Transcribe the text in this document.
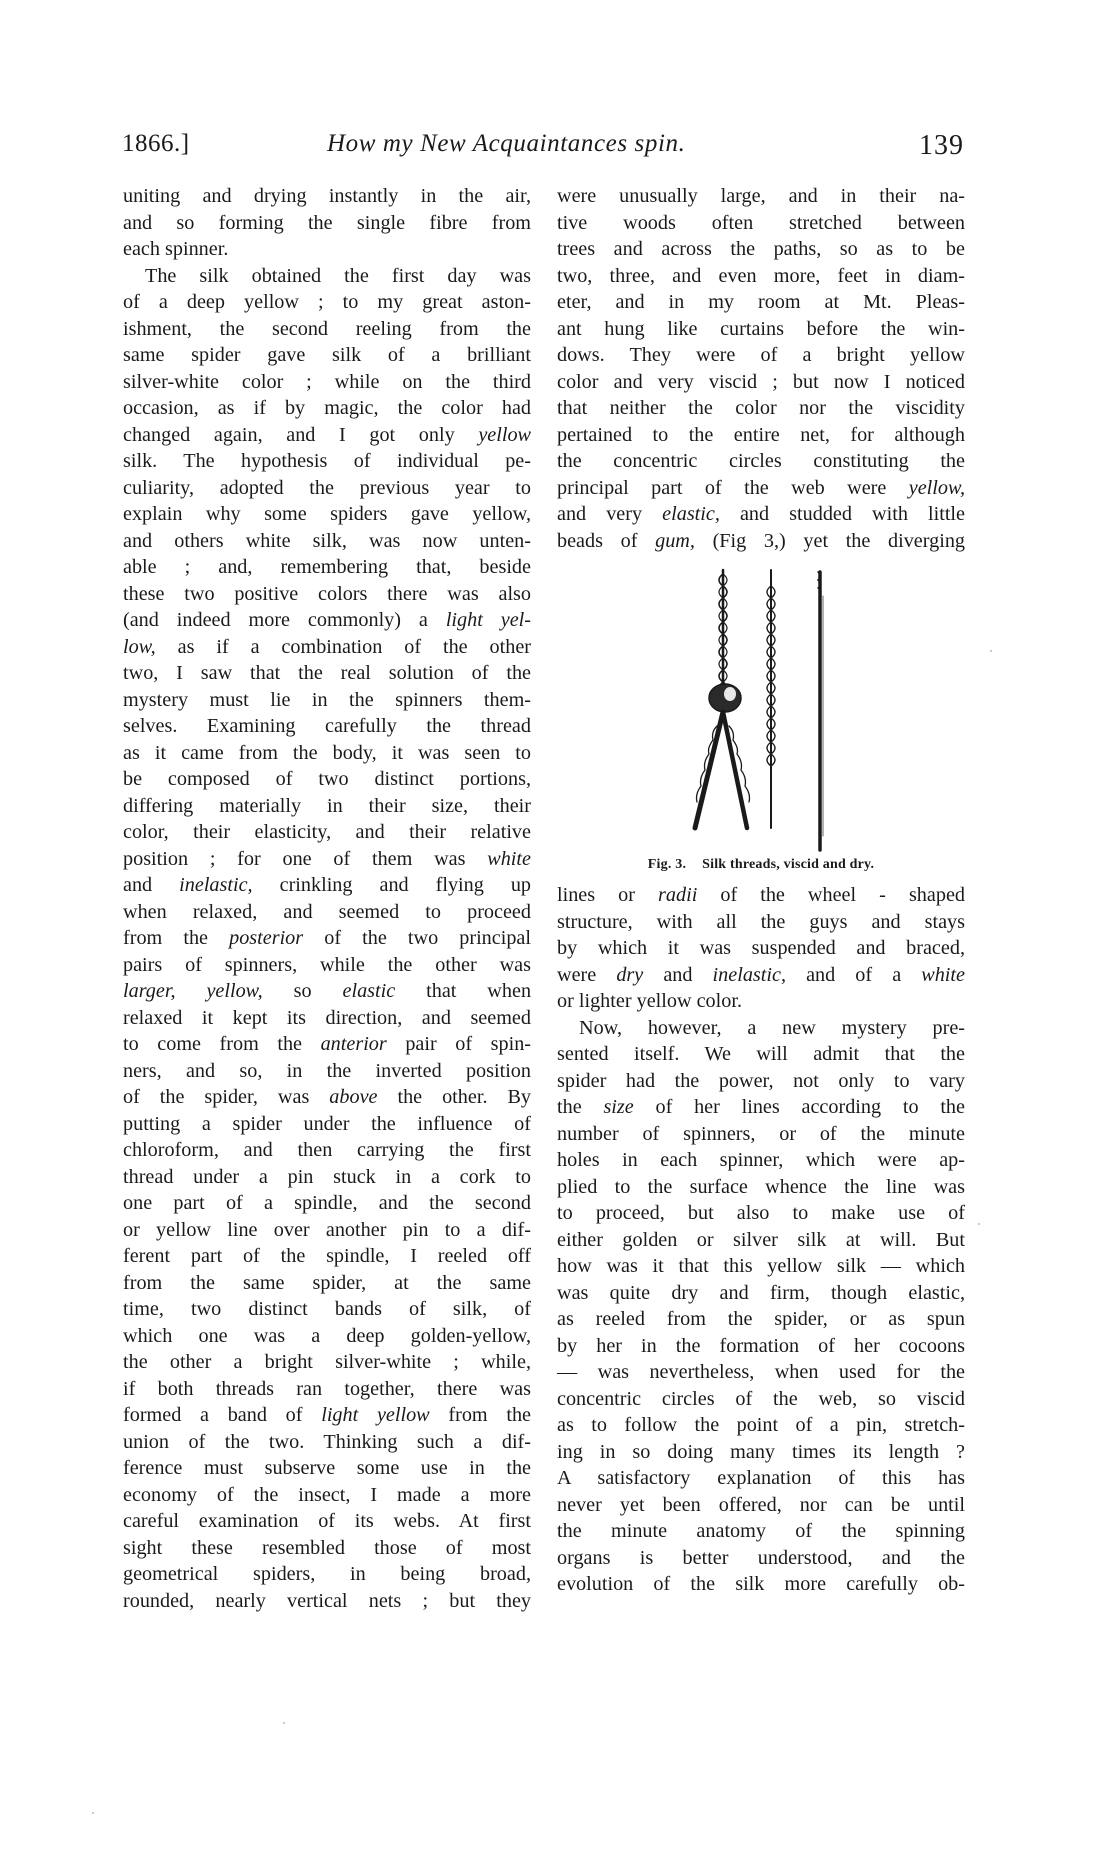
1866.]	How my New Acquaintances spin.	139
uniting and drying instantly in the air,
and so forming the single fibre from
each spinner.
The silk obtained the first day was
of a deep yellow ; to my great aston-
ishment, the second reeling from the
same spider gave silk of a brilliant
silver-white color ; while on the third
occasion, as if by magic, the color had
changed again, and I got only yellow
silk. The hypothesis of individual pe-
culiarity, adopted the previous year to
explain why some spiders gave yellow,
and others white silk, was now unten-
able ; and, remembering that, beside
these two positive colors there was also
(and indeed more commonly) a light yel-
low, as if a combination of the other
two, I saw that the real solution of the
mystery must lie in the spinners them-
selves. Examining carefully the thread
as it came from the body, it was seen to
be composed of two distinct portions,
differing materially in their size, their
color, their elasticity, and their relative
position ; for one of them was white
and inelastic, crinkling and flying up
when relaxed, and seemed to proceed
from the posterior of the two principal
pairs of spinners, while the other was
larger, yellow, so elastic that when
relaxed it kept its direction, and seemed
to come from the anterior pair of spin-
ners, and so, in the inverted position
of the spider, was above the other. By
putting a spider under the influence of
chloroform, and then carrying the first
thread under a pin stuck in a cork to
one part of a spindle, and the second
or yellow line over another pin to a dif-
ferent part of the spindle, I reeled off
from the same spider, at the same
time, two distinct bands of silk, of
which one was a deep golden-yellow,
the other a bright silver-white ; while,
if both threads ran together, there was
formed a band of light yellow from the
union of the two. Thinking such a dif-
ference must subserve some use in the
economy of the insect, I made a more
careful examination of its webs. At first
sight these resembled those of most
geometrical spiders, in being broad,
rounded, nearly vertical nets ; but they
were unusually large, and in their na-
tive woods often stretched between
trees and across the paths, so as to be
two, three, and even more, feet in diam-
eter, and in my room at Mt. Pleas-
ant hung like curtains before the win-
dows. They were of a bright yellow
color and very viscid ; but now I noticed
that neither the color nor the viscidity
pertained to the entire net, for although
the concentric circles constituting the
principal part of the web were yellow,
and very elastic, and studded with little
beads of gum, (Fig 3,) yet the diverging
Fig. 3. Silk threads, viscid and dry.
lines or radii of the wheel - shaped
structure, with all the guys and stays
by which it was suspended and braced,
were dry and inelastic, and of a white
or lighter yellow color.
Now, however, a new mystery pre-
sented itself. We will admit that the
spider had the power, not only to vary
the size of her lines according to the
number of spinners, or of the minute
holes in each spinner, which were ap-
plied to the surface whence the line was
to proceed, but also to make use of
either golden or silver silk at will. But
how was it that this yellow silk — which
was quite dry and firm, though elastic,
as reeled from the spider, or as spun
by her in the formation of her cocoons
— was nevertheless, when used for the
concentric circles of the web, so viscid
as to follow the point of a pin, stretch-
ing in so doing many times its length ?
A satisfactory explanation of this has
never yet been offered, nor can be until
the minute anatomy of the spinning
organs is better understood, and the
evolution of the silk more carefully ob-
